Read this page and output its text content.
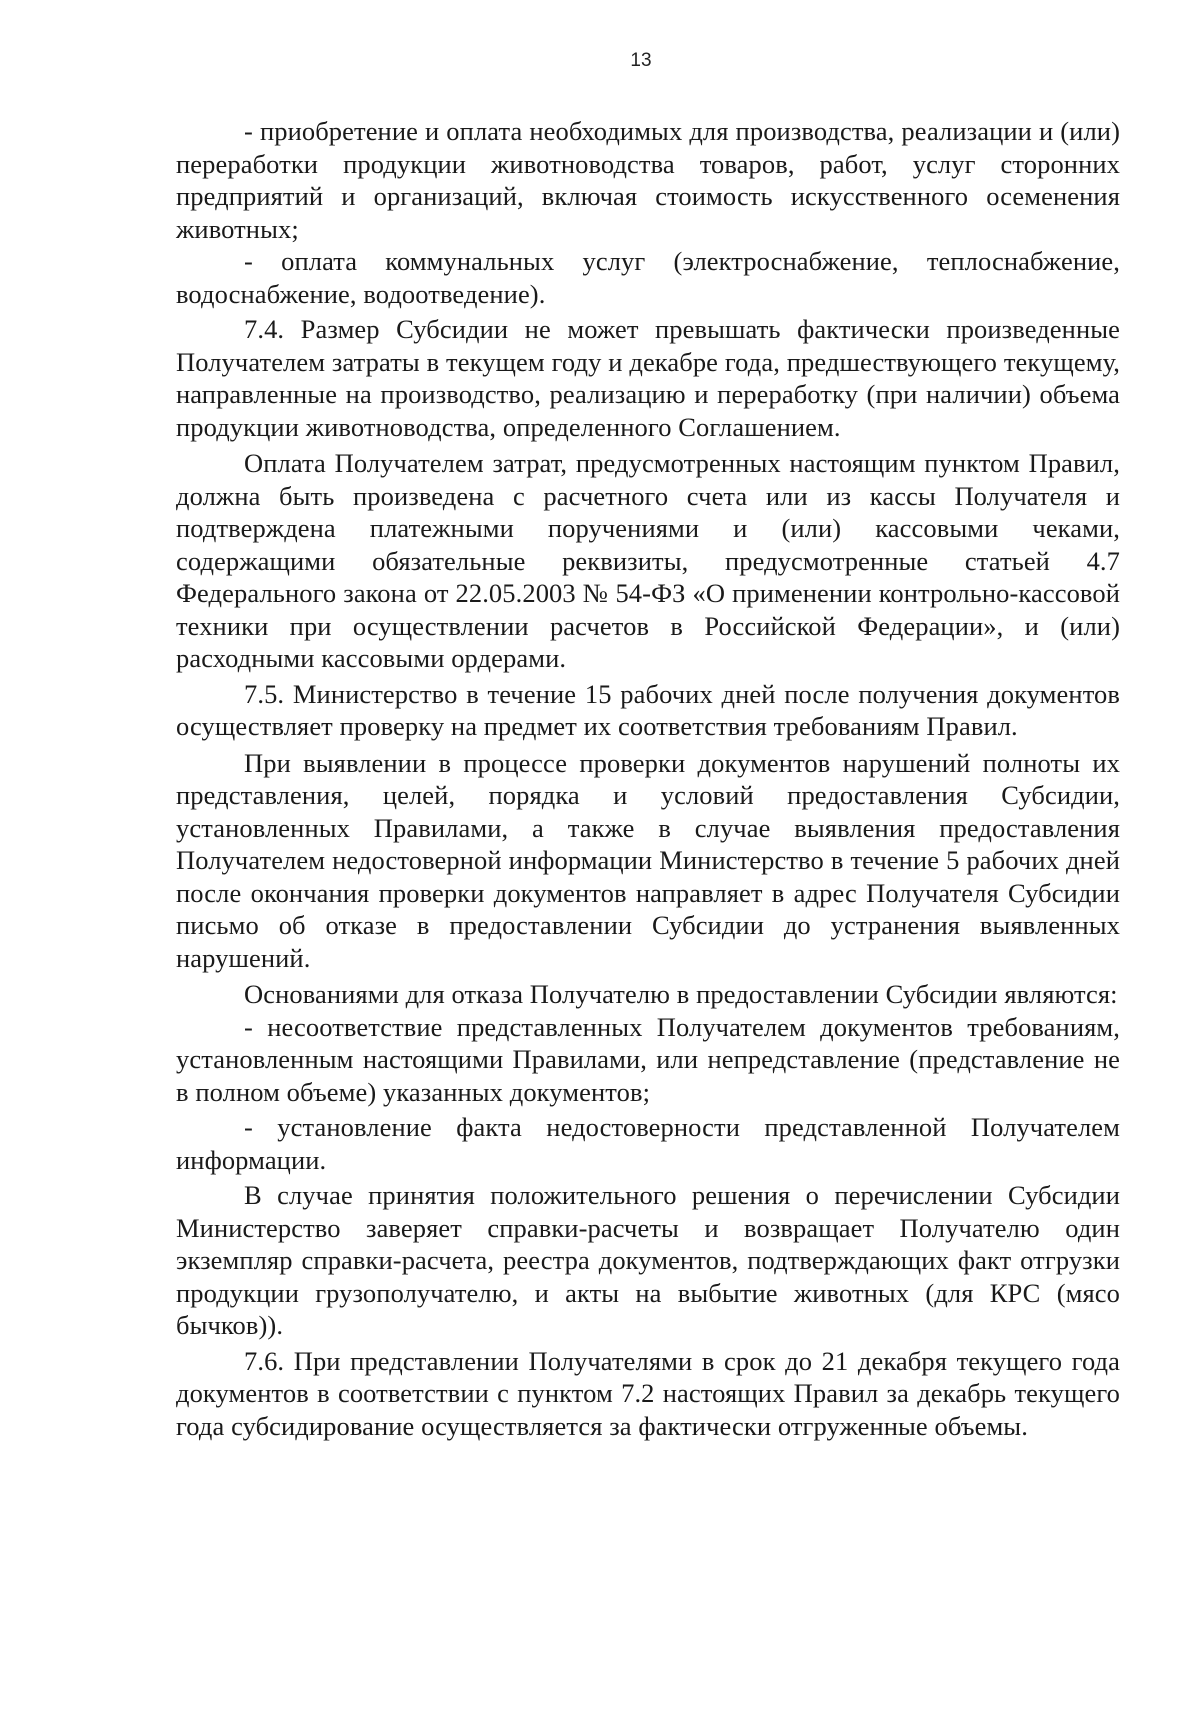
13

- приобретение и оплата необходимых для производства, реализации и (или) переработки продукции животноводства товаров, работ, услуг сторонних предприятий и организаций, включая стоимость искусственного осеменения животных;

- оплата коммунальных услуг (электроснабжение, теплоснабжение, водоснабжение, водоотведение).

7.4. Размер Субсидии не может превышать фактически произведенные Получателем затраты в текущем году и декабре года, предшествующего текущему, направленные на производство, реализацию и переработку (при наличии) объема продукции животноводства, определенного Соглашением.

Оплата Получателем затрат, предусмотренных настоящим пунктом Правил, должна быть произведена с расчетного счета или из кассы Получателя и подтверждена платежными поручениями и (или) кассовыми чеками, содержащими обязательные реквизиты, предусмотренные статьей 4.7 Федерального закона от 22.05.2003 № 54-ФЗ «О применении контрольно-кассовой техники при осуществлении расчетов в Российской Федерации», и (или) расходными кассовыми ордерами.

7.5. Министерство в течение 15 рабочих дней после получения документов осуществляет проверку на предмет их соответствия требованиям Правил.

При выявлении в процессе проверки документов нарушений полноты их представления, целей, порядка и условий предоставления Субсидии, установленных Правилами, а также в случае выявления предоставления Получателем недостоверной информации Министерство в течение 5 рабочих дней после окончания проверки документов направляет в адрес Получателя Субсидии письмо об отказе в предоставлении Субсидии до устранения выявленных нарушений.

Основаниями для отказа Получателю в предоставлении Субсидии являются:

- несоответствие представленных Получателем документов требованиям, установленным настоящими Правилами, или непредставление (представление не в полном объеме) указанных документов;

- установление факта недостоверности представленной Получателем информации.

В случае принятия положительного решения о перечислении Субсидии Министерство заверяет справки-расчеты и возвращает Получателю один экземпляр справки-расчета, реестра документов, подтверждающих факт отгрузки продукции грузополучателю, и акты на выбытие животных (для КРС (мясо бычков)).

7.6. При представлении Получателями в срок до 21 декабря текущего года документов в соответствии с пунктом 7.2 настоящих Правил за декабрь текущего года субсидирование осуществляется за фактически отгруженные объемы.
